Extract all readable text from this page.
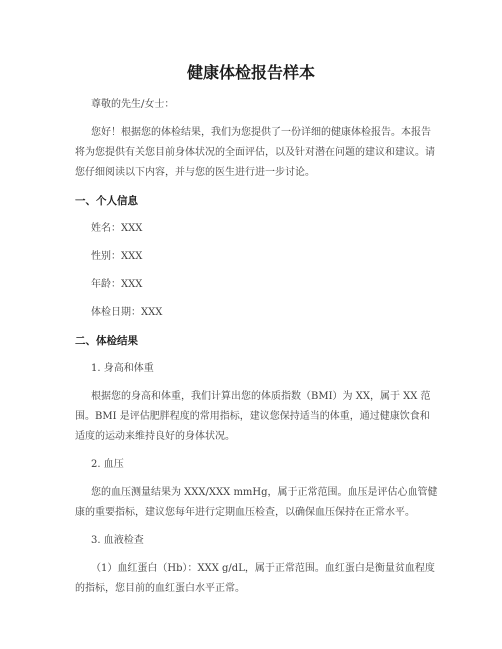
健康体检报告样本
尊敬的先生/女士：
您好！根据您的体检结果，我们为您提供了一份详细的健康体检报告。本报告
将为您提供有关您目前身体状况的全面评估，以及针对潜在问题的建议和建议。请
您仔细阅读以下内容，并与您的医生进行进一步讨论。
一、个人信息
姓名：XXX
性别：XXX
年龄：XXX
体检日期：XXX
二、体检结果
1. 身高和体重
根据您的身高和体重，我们计算出您的体质指数（BMI）为 XX，属于 XX 范
围。BMI 是评估肥胖程度的常用指标，建议您保持适当的体重，通过健康饮食和
适度的运动来维持良好的身体状况。
2. 血压
您的血压测量结果为 XXX/XXX mmHg，属于正常范围。血压是评估心血管健
康的重要指标，建议您每年进行定期血压检查，以确保血压保持在正常水平。
3. 血液检查
（1）血红蛋白（Hb）：XXX g/dL，属于正常范围。血红蛋白是衡量贫血程度
的指标，您目前的血红蛋白水平正常。
